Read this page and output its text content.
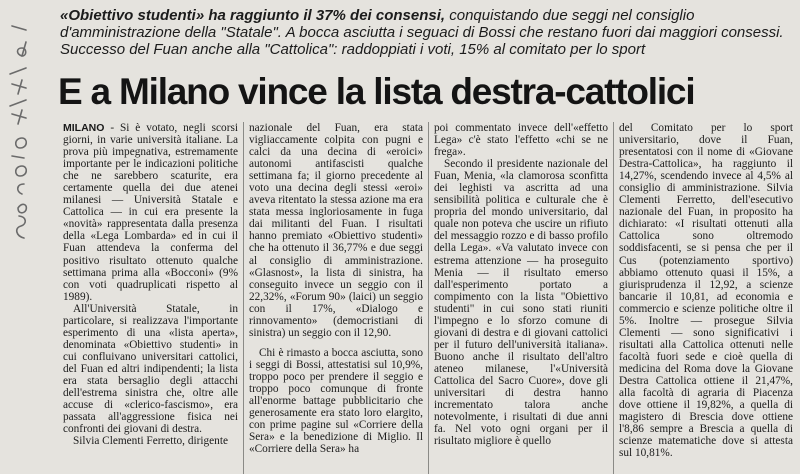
«Obiettivo studenti» ha raggiunto il 37% dei consensi, conquistando due seggi nel consiglio d'amministrazione della "Statale". A bocca asciutta i seguaci di Bossi che restano fuori dai maggiori consessi. Successo del Fuan anche alla "Cattolica": raddoppiati i voti, 15% al comitato per lo sport
E a Milano vince la lista destra-cattolici

MILANO - Si è votato, negli scorsi giorni, in varie università italiane. La prova più impegnativa, estremamente importante per le indicazioni politiche che ne sarebbero scaturite, era certamente quella dei due atenei milanesi — Università Statale e Cattolica — in cui era presente la «novità» rappresentata dalla presenza della «Lega Lombarda» ed in cui il Fuan attendeva la conferma del positivo risultato ottenuto qualche settimana prima alla «Bocconi» (9% con voti quadruplicati rispetto al 1989).

All'Università Statale, in particolare, si realizzava l'importante esperimento di una «lista aperta», denominata «Obiettivo studenti» in cui confluivano universitari cattolici, del Fuan ed altri indipendenti; la lista era stata bersaglio degli attacchi dell'estrema sinistra che, oltre alle accuse di «clerico-fascismo», era passata all'aggressione fisica nei confronti dei giovani di destra.

Silvia Clementi Ferretto, dirigente

nazionale del Fuan, era stata vigliaccamente colpita con pugni e calci da una decina di «eroici» autonomi antifascisti qualche settimana fa; il giorno precedente al voto una decina degli stessi «eroi» aveva ritentato la stessa azione ma era stata messa ingloriosamente in fuga dai militanti del Fuan. I risultati hanno premiato «Obiettivo studenti» che ha ottenuto il 36,77% e due seggi al consiglio di amministrazione. «Glasnost», la lista di sinistra, ha conseguito invece un seggio con il 22,32%, «Forum 90» (laici) un seggio con il 17%, «Dialogo e rinnovamento» (democristiani di sinistra) un seggio con il 12,90.

Chi è rimasto a bocca asciutta, sono i seggi di Bossi, attestatisi sul 10,9%, troppo poco per prendere il seggio e troppo poco comunque di fronte all'enorme battage pubblicitario che generosamente era stato loro elargito, con prime pagine sul «Corriere della Sera» e la benedizione di Miglio. Il «Corriere della Sera» ha

poi commentato invece dell'«effetto Lega» c'è stato l'effetto «chi se ne frega».

Secondo il presidente nazionale del Fuan, Menia, «la clamorosa sconfitta dei leghisti va ascritta ad una sensibilità politica e culturale che è propria del mondo universitario, dal quale non poteva che uscire un rifiuto del messaggio rozzo e di basso profilo della Lega». «Va valutato invece con estrema attenzione — ha proseguito Menia — il risultato emerso dall'esperimento portato a compimento con la lista "Obiettivo studenti" in cui sono stati riuniti l'impegno e lo sforzo comune di giovani di destra e di giovani cattolici per il futuro dell'università italiana». Buono anche il risultato dell'altro ateneo milanese, l'«Università Cattolica del Sacro Cuore», dove gli universitari di destra hanno incrementato talora anche notevolmente, i risultati di due anni fa. Nel voto ogni organi per il risultato migliore è quello

del Comitato per lo sport universitario, dove il Fuan, presentatosi con il nome di «Giovane Destra-Cattolica», ha raggiunto il 14,27%, scendendo invece al 4,5% al consiglio di amministrazione. Silvia Clementi Ferretto, dell'esecutivo nazionale del Fuan, in proposito ha dichiarato: «I risultati ottenuti alla Cattolica sono oltremodo soddisfacenti, se si pensa che per il Cus (potenziamento sportivo) abbiamo ottenuto quasi il 15%, a giurisprudenza il 12,92, a scienze bancarie il 10,81, ad economia e commercio e scienze politiche oltre il 5%. Inoltre — prosegue Silvia Clementi — sono significativi i risultati alla Cattolica ottenuti nelle facoltà fuori sede e cioè quella di medicina del Roma dove la Giovane Destra Cattolica ottiene il 21,47%, alla facoltà di agraria di Piacenza dove ottiene il 19,82%, a quella di magistero di Brescia dove ottiene l'8,86 sempre a Brescia a quella di scienze matematiche dove si attesta sul 10,81%.
